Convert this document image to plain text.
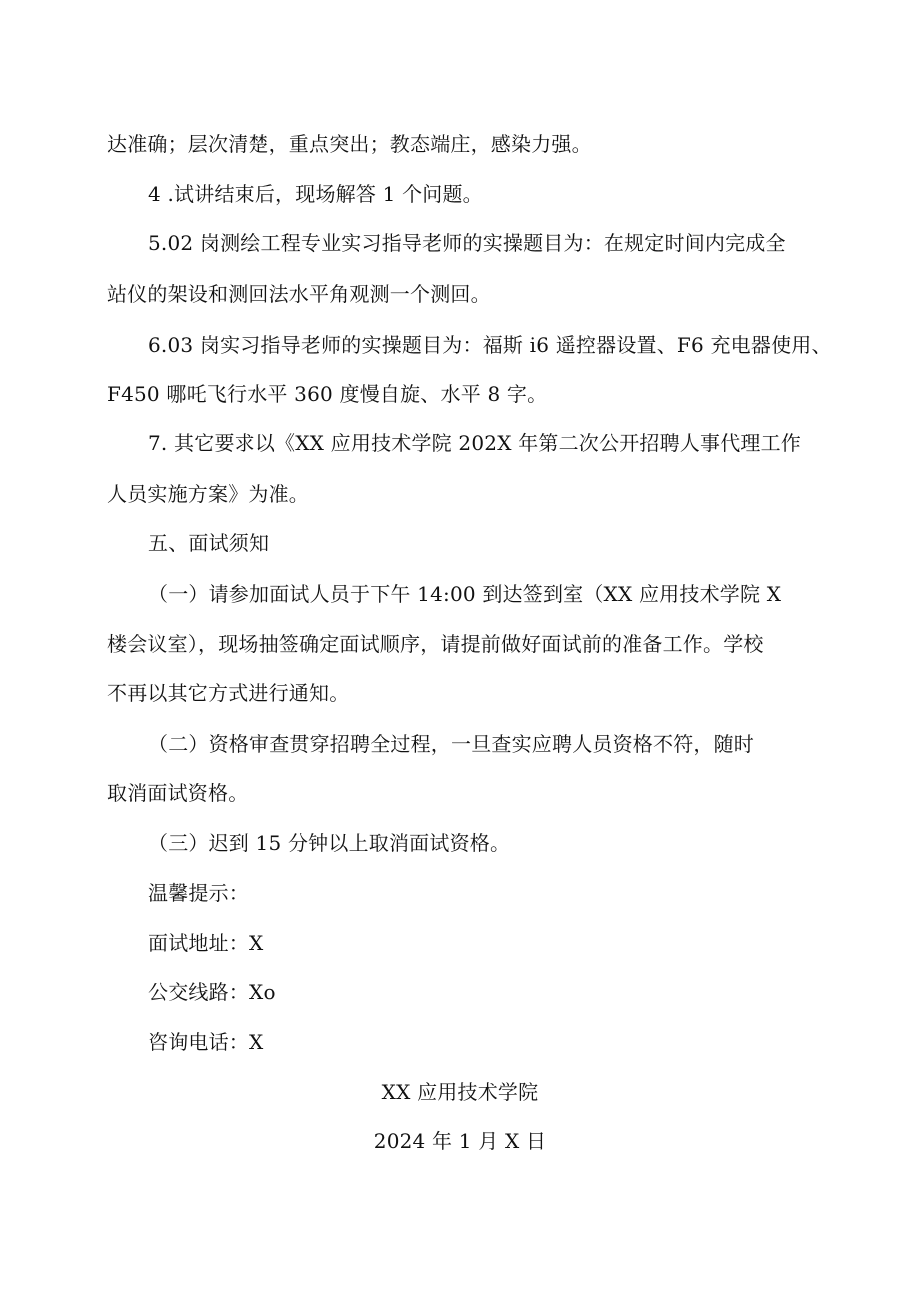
达准确；层次清楚，重点突出；教态端庄，感染力强。
4 .试讲结束后，现场解答 1 个问题。
5.02 岗测绘工程专业实习指导老师的实操题目为：在规定时间内完成全
站仪的架设和测回法水平角观测一个测回。
6.03 岗实习指导老师的实操题目为：福斯 i6 遥控器设置、F6 充电器使用、
F450 哪吒飞行水平 360 度慢自旋、水平 8 字。
7. 其它要求以《XX 应用技术学院 202X 年第二次公开招聘人事代理工作
人员实施方案》为准。
五、面试须知
（一）请参加面试人员于下午 14:00 到达签到室（XX 应用技术学院 X
楼会议室），现场抽签确定面试顺序，请提前做好面试前的准备工作。学校
不再以其它方式进行通知。
（二）资格审查贯穿招聘全过程，一旦查实应聘人员资格不符，随时
取消面试资格。
（三）迟到 15 分钟以上取消面试资格。
温馨提示：
面试地址：X
公交线路：Xo
咨询电话：X
XX 应用技术学院
2024 年 1 月 X 日
